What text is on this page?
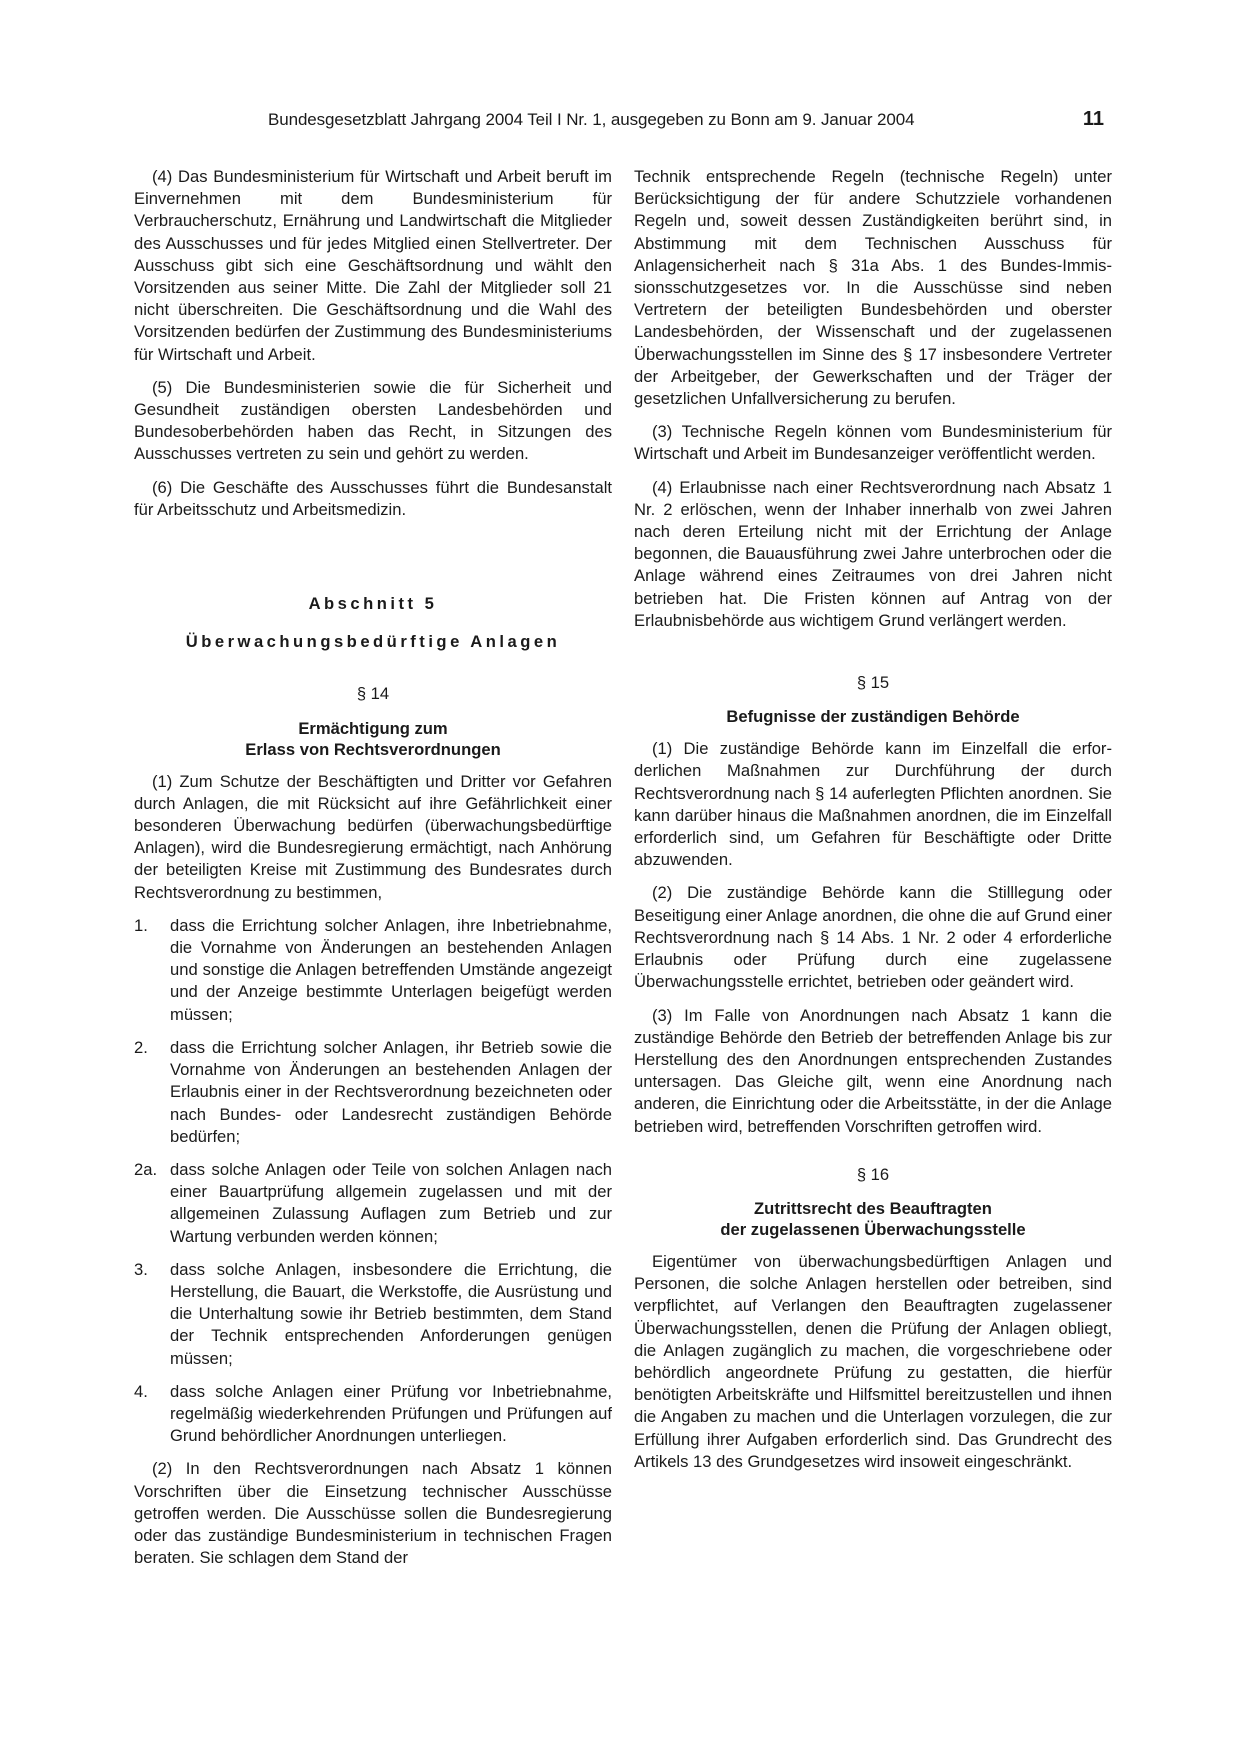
Bundesgesetzblatt Jahrgang 2004 Teil I Nr. 1, ausgegeben zu Bonn am 9. Januar 2004	11

(4) Das Bundesministerium für Wirtschaft und Arbeit beruft im Einvernehmen mit dem Bundesministerium für Verbraucherschutz, Ernährung und Landwirtschaft die Mitglieder des Ausschusses und für jedes Mitglied einen Stellvertreter. Der Ausschuss gibt sich eine Geschäftsordnung und wählt den Vorsitzenden aus seiner Mitte. Die Zahl der Mitglieder soll 21 nicht überschreiten. Die Geschäftsordnung und die Wahl des Vorsitzenden bedürfen der Zustimmung des Bundesministeriums für Wirtschaft und Arbeit.

(5) Die Bundesministerien sowie die für Sicherheit und Gesundheit zuständigen obersten Landesbehörden und Bundesoberbehörden haben das Recht, in Sitzungen des Ausschusses vertreten zu sein und gehört zu werden.

(6) Die Geschäfte des Ausschusses führt die Bundesanstalt für Arbeitsschutz und Arbeitsmedizin.

Abschnitt 5
Überwachungsbedürftige Anlagen
§ 14
Ermächtigung zum
Erlass von Rechtsverordnungen

(1) Zum Schutze der Beschäftigten und Dritter vor Gefahren durch Anlagen, die mit Rücksicht auf ihre Gefährlichkeit einer besonderen Überwachung bedürfen (überwachungsbedürftige Anlagen), wird die Bundesregierung ermächtigt, nach Anhörung der beteiligten Kreise mit Zustimmung des Bundesrates durch Rechtsverordnung zu bestimmen,

1. dass die Errichtung solcher Anlagen, ihre Inbetriebnahme, die Vornahme von Änderungen an bestehenden Anlagen und sonstige die Anlagen betreffenden Umstände angezeigt und der Anzeige bestimmte Unterlagen beigefügt werden müssen;
2. dass die Errichtung solcher Anlagen, ihr Betrieb sowie die Vornahme von Änderungen an bestehenden Anlagen der Erlaubnis einer in der Rechtsverordnung bezeichneten oder nach Bundes- oder Landesrecht zuständigen Behörde bedürfen;
2a. dass solche Anlagen oder Teile von solchen Anlagen nach einer Bauartprüfung allgemein zugelassen und mit der allgemeinen Zulassung Auflagen zum Betrieb und zur Wartung verbunden werden können;
3. dass solche Anlagen, insbesondere die Errichtung, die Herstellung, die Bauart, die Werkstoffe, die Ausrüstung und die Unterhaltung sowie ihr Betrieb bestimmten, dem Stand der Technik entsprechenden Anforderungen genügen müssen;
4. dass solche Anlagen einer Prüfung vor Inbetriebnahme, regelmäßig wiederkehrenden Prüfungen und Prüfungen auf Grund behördlicher Anordnungen unterliegen.

(2) In den Rechtsverordnungen nach Absatz 1 können Vorschriften über die Einsetzung technischer Ausschüsse getroffen werden. Die Ausschüsse sollen die Bundesregierung oder das zuständige Bundesministerium in technischen Fragen beraten. Sie schlagen dem Stand der

Technik entsprechende Regeln (technische Regeln) unter Berücksichtigung der für andere Schutzziele vorhandenen Regeln und, soweit dessen Zuständigkeiten berührt sind, in Abstimmung mit dem Technischen Ausschuss für Anlagensicherheit nach § 31a Abs. 1 des Bundes-Immissionsschutzgesetzes vor. In die Ausschüsse sind neben Vertretern der beteiligten Bundesbehörden und oberster Landesbehörden, der Wissenschaft und der zugelassenen Überwachungsstellen im Sinne des § 17 insbesondere Vertreter der Arbeitgeber, der Gewerkschaften und der Träger der gesetzlichen Unfallversicherung zu berufen.

(3) Technische Regeln können vom Bundesministerium für Wirtschaft und Arbeit im Bundesanzeiger veröffentlicht werden.

(4) Erlaubnisse nach einer Rechtsverordnung nach Absatz 1 Nr. 2 erlöschen, wenn der Inhaber innerhalb von zwei Jahren nach deren Erteilung nicht mit der Errichtung der Anlage begonnen, die Bauausführung zwei Jahre unterbrochen oder die Anlage während eines Zeitraumes von drei Jahren nicht betrieben hat. Die Fristen können auf Antrag von der Erlaubnisbehörde aus wichtigem Grund verlängert werden.

§ 15
Befugnisse der zuständigen Behörde

(1) Die zuständige Behörde kann im Einzelfall die erforderlichen Maßnahmen zur Durchführung der durch Rechtsverordnung nach § 14 auferlegten Pflichten anordnen. Sie kann darüber hinaus die Maßnahmen anordnen, die im Einzelfall erforderlich sind, um Gefahren für Beschäftigte oder Dritte abzuwenden.

(2) Die zuständige Behörde kann die Stilllegung oder Beseitigung einer Anlage anordnen, die ohne die auf Grund einer Rechtsverordnung nach § 14 Abs. 1 Nr. 2 oder 4 erforderliche Erlaubnis oder Prüfung durch eine zugelassene Überwachungsstelle errichtet, betrieben oder geändert wird.

(3) Im Falle von Anordnungen nach Absatz 1 kann die zuständige Behörde den Betrieb der betreffenden Anlage bis zur Herstellung des den Anordnungen entsprechenden Zustandes untersagen. Das Gleiche gilt, wenn eine Anordnung nach anderen, die Einrichtung oder die Arbeitsstätte, in der die Anlage betrieben wird, betreffenden Vorschriften getroffen wird.

§ 16
Zutrittsrecht des Beauftragten
der zugelassenen Überwachungsstelle

Eigentümer von überwachungsbedürftigen Anlagen und Personen, die solche Anlagen herstellen oder betreiben, sind verpflichtet, auf Verlangen den Beauftragten zugelassener Überwachungsstellen, denen die Prüfung der Anlagen obliegt, die Anlagen zugänglich zu machen, die vorgeschriebene oder behördlich angeordnete Prüfung zu gestatten, die hierfür benötigten Arbeitskräfte und Hilfsmittel bereitzustellen und ihnen die Angaben zu machen und die Unterlagen vorzulegen, die zur Erfüllung ihrer Aufgaben erforderlich sind. Das Grundrecht des Artikels 13 des Grundgesetzes wird insoweit eingeschränkt.
